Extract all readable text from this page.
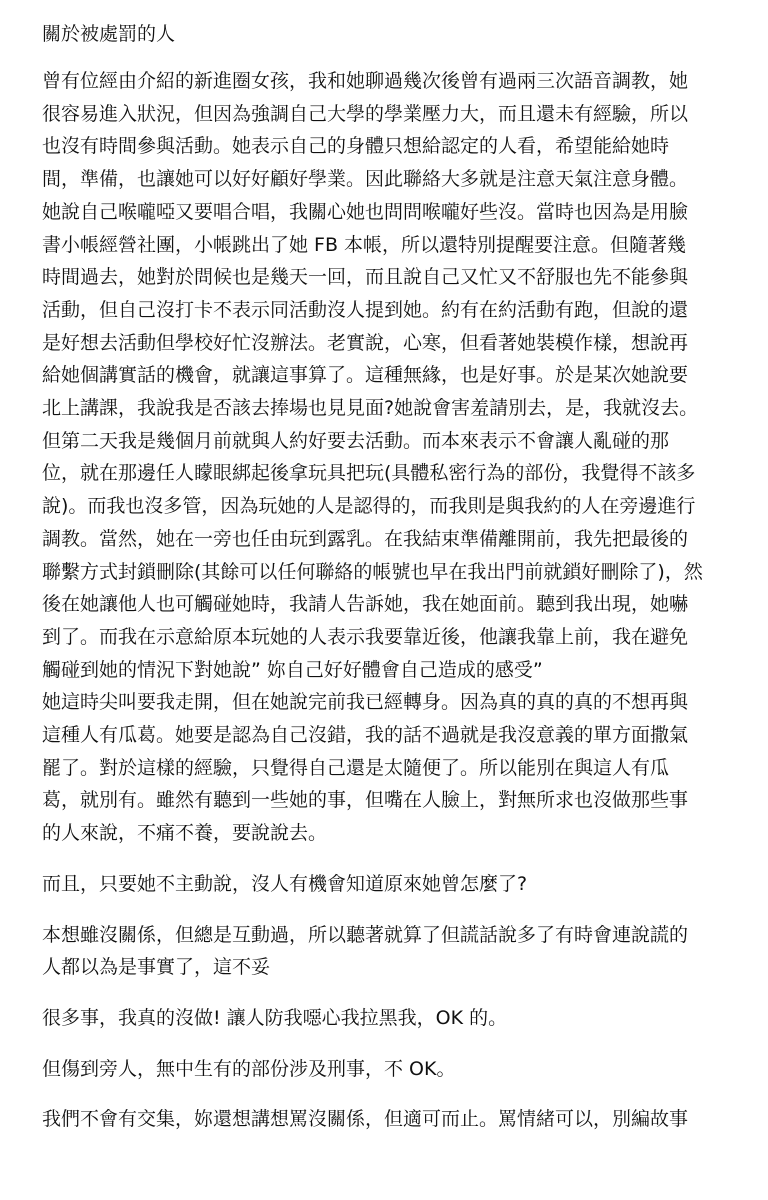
關於被處罰的人
曾有位經由介紹的新進圈女孩，我和她聊過幾次後曾有過兩三次語音調教，她
很容易進入狀況，但因為強調自己大學的學業壓力大，而且還未有經驗，所以
也沒有時間參與活動。她表示自己的身體只想給認定的人看，希望能給她時
間，準備，也讓她可以好好顧好學業。因此聯絡大多就是注意天氣注意身體。
她說自己喉嚨啞又要唱合唱，我關心她也問問喉嚨好些沒。當時也因為是用臉
書小帳經營社團，小帳跳出了她 FB 本帳，所以還特別提醒要注意。但隨著幾
時間過去，她對於問候也是幾天一回，而且說自己又忙又不舒服也先不能參與
活動，但自己沒打卡不表示同活動沒人提到她。約有在約活動有跑，但說的還
是好想去活動但學校好忙沒辦法。老實說，心寒，但看著她裝模作樣，想說再
給她個講實話的機會，就讓這事算了。這種無緣，也是好事。於是某次她說要
北上講課，我說我是否該去捧場也見見面?她說會害羞請別去，是，我就沒去。
但第二天我是幾個月前就與人約好要去活動。而本來表示不會讓人亂碰的那
位，就在那邊任人矇眼綁起後拿玩具把玩(具體私密行為的部份，我覺得不該多
說)。而我也沒多管，因為玩她的人是認得的，而我則是與我約的人在旁邊進行
調教。當然，她在一旁也任由玩到露乳。在我結束準備離開前，我先把最後的
聯繫方式封鎖刪除(其餘可以任何聯絡的帳號也早在我出門前就鎖好刪除了)，然
後在她讓他人也可觸碰她時，我請人告訴她，我在她面前。聽到我出現，她嚇
到了。而我在示意給原本玩她的人表示我要靠近後，他讓我靠上前，我在避免
觸碰到她的情況下對她說” 妳自己好好體會自己造成的感受”
她這時尖叫要我走開，但在她說完前我已經轉身。因為真的真的真的不想再與
這種人有瓜葛。她要是認為自己沒錯，我的話不過就是我沒意義的單方面撒氣
罷了。對於這樣的經驗，只覺得自己還是太隨便了。所以能別在與這人有瓜
葛，就別有。雖然有聽到一些她的事，但嘴在人臉上，對無所求也沒做那些事
的人來說，不痛不養，要說說去。
而且，只要她不主動說，沒人有機會知道原來她曾怎麼了?
本想雖沒關係，但總是互動過，所以聽著就算了但謊話說多了有時會連說謊的
人都以為是事實了，這不妥
很多事，我真的沒做! 讓人防我噁心我拉黑我，OK 的。
但傷到旁人，無中生有的部份涉及刑事，不 OK。
我們不會有交集，妳還想講想罵沒關係，但適可而止。罵情緒可以，別編故事
